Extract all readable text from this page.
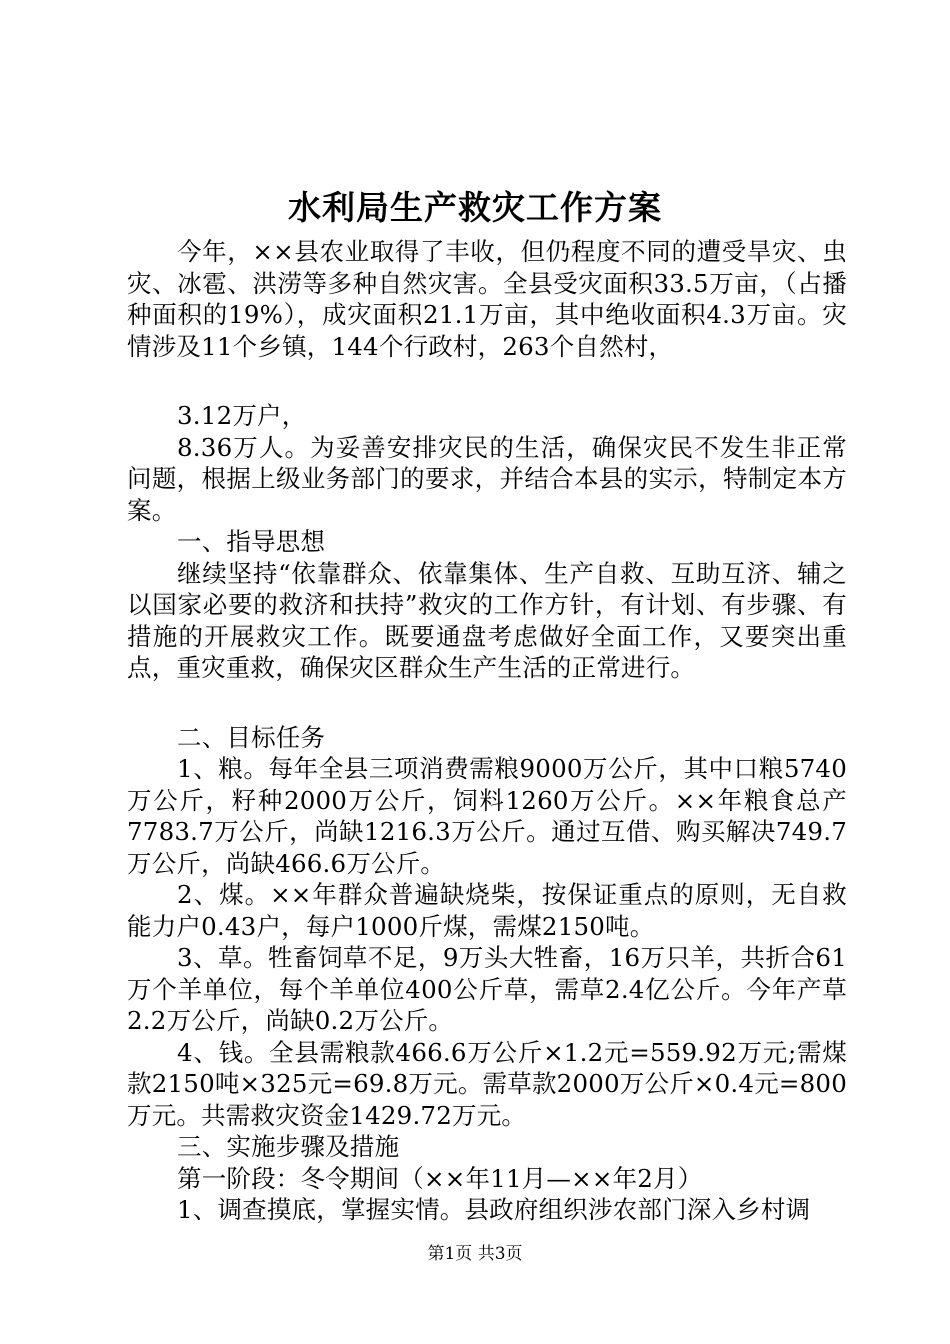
水利局生产救灾工作方案

今年，××县农业取得了丰收，但仍程度不同的遭受旱灾、虫灾、冰雹、洪涝等多种自然灾害。全县受灾面积33.5万亩，（占播种面积的19%），成灾面积21.1万亩，其中绝收面积4.3万亩。灾情涉及11个乡镇，144个行政村，263个自然村，

3.12万户，

8.36万人。为妥善安排灾民的生活，确保灾民不发生非正常问题，根据上级业务部门的要求，并结合本县的实示，特制定本方案。

一、指导思想

继续坚持“依靠群众、依靠集体、生产自救、互助互济、辅之以国家必要的救济和扶持”救灾的工作方针，有计划、有步骤、有措施的开展救灾工作。既要通盘考虑做好全面工作，又要突出重点，重灾重救，确保灾区群众生产生活的正常进行。

二、目标任务

1、粮。每年全县三项消费需粮9000万公斤，其中口粮5740万公斤，籽种2000万公斤，饲料1260万公斤。××年粮食总产7783.7万公斤，尚缺1216.3万公斤。通过互借、购买解决749.7万公斤，尚缺466.6万公斤。

2、煤。××年群众普遍缺烧柴，按保证重点的原则，无自救能力户0.43户，每户1000斤煤，需煤2150吨。

3、草。牲畜饲草不足，9万头大牲畜，16万只羊，共折合61万个羊单位，每个羊单位400公斤草，需草2.4亿公斤。今年产草2.2万公斤，尚缺0.2万公斤。

4、钱。全县需粮款466.6万公斤×1.2元=559.92万元;需煤款2150吨×325元=69.8万元。需草款2000万公斤×0.4元=800万元。共需救灾资金1429.72万元。

三、实施步骤及措施

第一阶段：冬令期间（××年11月—××年2月）

1、调查摸底，掌握实情。县政府组织涉农部门深入乡村调

第1页 共3页
